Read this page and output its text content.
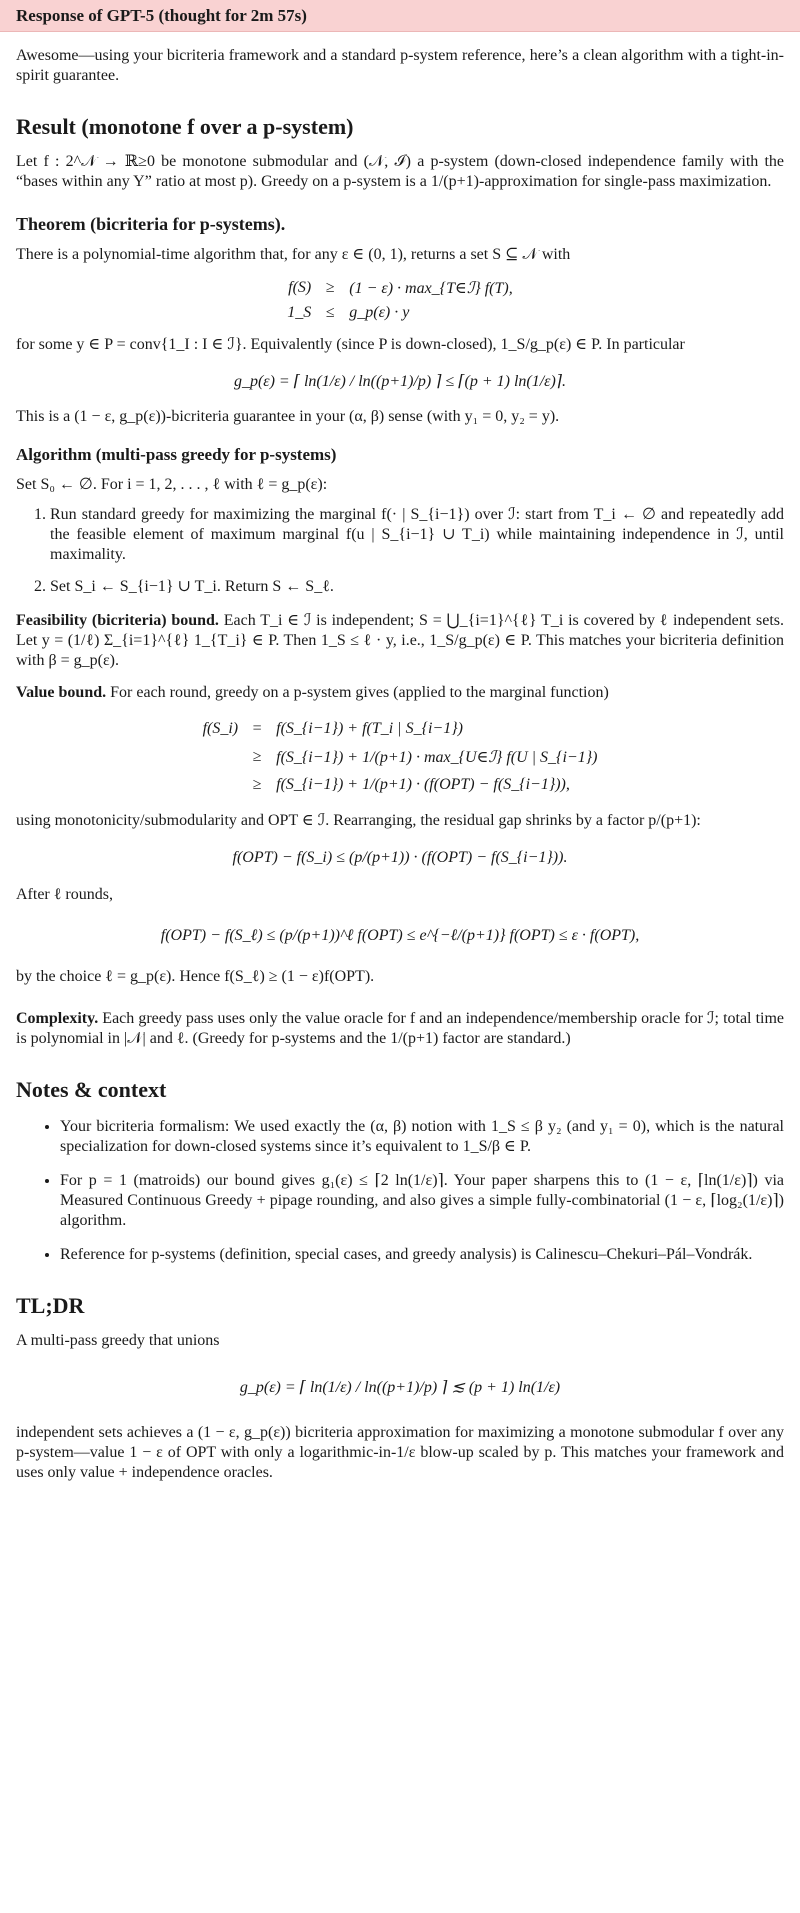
Response of GPT-5 (thought for 2m 57s)

Awesome—using your bicriteria framework and a standard p-system reference, here’s a clean algorithm with a tight-in-spirit guarantee.

Result (monotone f over a p-system)

Let f : 2^𝒩 → ℝ≥0 be monotone submodular and (𝒩, ℐ) a p-system (down-closed independence family with the “bases within any Y” ratio at most p). Greedy on a p-system is a 1/(p+1)-approximation for single-pass maximization.

Theorem (bicriteria for p-systems).

There is a polynomial-time algorithm that, for any ε ∈ (0, 1), returns a set S ⊆ 𝒩 with

f(S)	≥	(1 − ε) · max_{T∈ℐ} f(T),
1_S	≤	g_p(ε) · y

for some y ∈ P = conv{1_I : I ∈ ℐ}. Equivalently (since P is down-closed), 1_S/g_p(ε) ∈ P. In particular

g_p(ε) = ⌈ ln(1/ε) / ln((p+1)/p) ⌉ ≤ ⌈(p + 1) ln(1/ε)⌉.

This is a (1 − ε, g_p(ε))-bicriteria guarantee in your (α, β) sense (with y₁ = 0, y₂ = y).

Algorithm (multi-pass greedy for p-systems)

Set S₀ ← ∅. For i = 1, 2, . . . , ℓ with ℓ = g_p(ε):

1. Run standard greedy for maximizing the marginal f(· | S_{i−1}) over ℐ: start from T_i ← ∅ and repeatedly add the feasible element of maximum marginal f(u | S_{i−1} ∪ T_i) while maintaining independence in ℐ, until maximality.
2. Set S_i ← S_{i−1} ∪ T_i. Return S ← S_ℓ.

Feasibility (bicriteria) bound. Each T_i ∈ ℐ is independent; S = ⋃_{i=1}^{ℓ} T_i is covered by ℓ independent sets. Let y = (1/ℓ) Σ_{i=1}^{ℓ} 1_{T_i} ∈ P. Then 1_S ≤ ℓ · y, i.e., 1_S/g_p(ε) ∈ P. This matches your bicriteria definition with β = g_p(ε).

Value bound. For each round, greedy on a p-system gives (applied to the marginal function)

f(S_i)	=	f(S_{i−1}) + f(T_i | S_{i−1})
	≥	f(S_{i−1}) + 1/(p+1) · max_{U∈ℐ} f(U | S_{i−1})
	≥	f(S_{i−1}) + 1/(p+1) · (f(OPT) − f(S_{i−1})),

using monotonicity/submodularity and OPT ∈ ℐ. Rearranging, the residual gap shrinks by a factor p/(p+1):

f(OPT) − f(S_i) ≤ (p/(p+1)) · (f(OPT) − f(S_{i−1})).

After ℓ rounds,

f(OPT) − f(S_ℓ) ≤ (p/(p+1))^ℓ f(OPT) ≤ e^{−ℓ/(p+1)} f(OPT) ≤ ε · f(OPT),

by the choice ℓ = g_p(ε). Hence f(S_ℓ) ≥ (1 − ε)f(OPT).

Complexity. Each greedy pass uses only the value oracle for f and an independence/membership oracle for ℐ; total time is polynomial in |𝒩| and ℓ. (Greedy for p-systems and the 1/(p+1) factor are standard.)

Notes & context
• Your bicriteria formalism: We used exactly the (α, β) notion with 1_S ≤ β y₂ (and y₁ = 0), which is the natural specialization for down-closed systems since it’s equivalent to 1_S/β ∈ P.
• For p = 1 (matroids) our bound gives g₁(ε) ≤ ⌈2 ln(1/ε)⌉. Your paper sharpens this to (1 − ε, ⌈ln(1/ε)⌉) via Measured Continuous Greedy + pipage rounding, and also gives a simple fully-combinatorial (1 − ε, ⌈log₂(1/ε)⌉) algorithm.
• Reference for p-systems (definition, special cases, and greedy analysis) is Calinescu–Chekuri–Pál–Vondrák.
TL;DR

A multi-pass greedy that unions

g_p(ε) = ⌈ ln(1/ε) / ln((p+1)/p) ⌉ ≲ (p + 1) ln(1/ε)

independent sets achieves a (1 − ε, g_p(ε)) bicriteria approximation for maximizing a monotone submodular f over any p-system—value 1 − ε of OPT with only a logarithmic-in-1/ε blow-up scaled by p. This matches your framework and uses only value + independence oracles.
